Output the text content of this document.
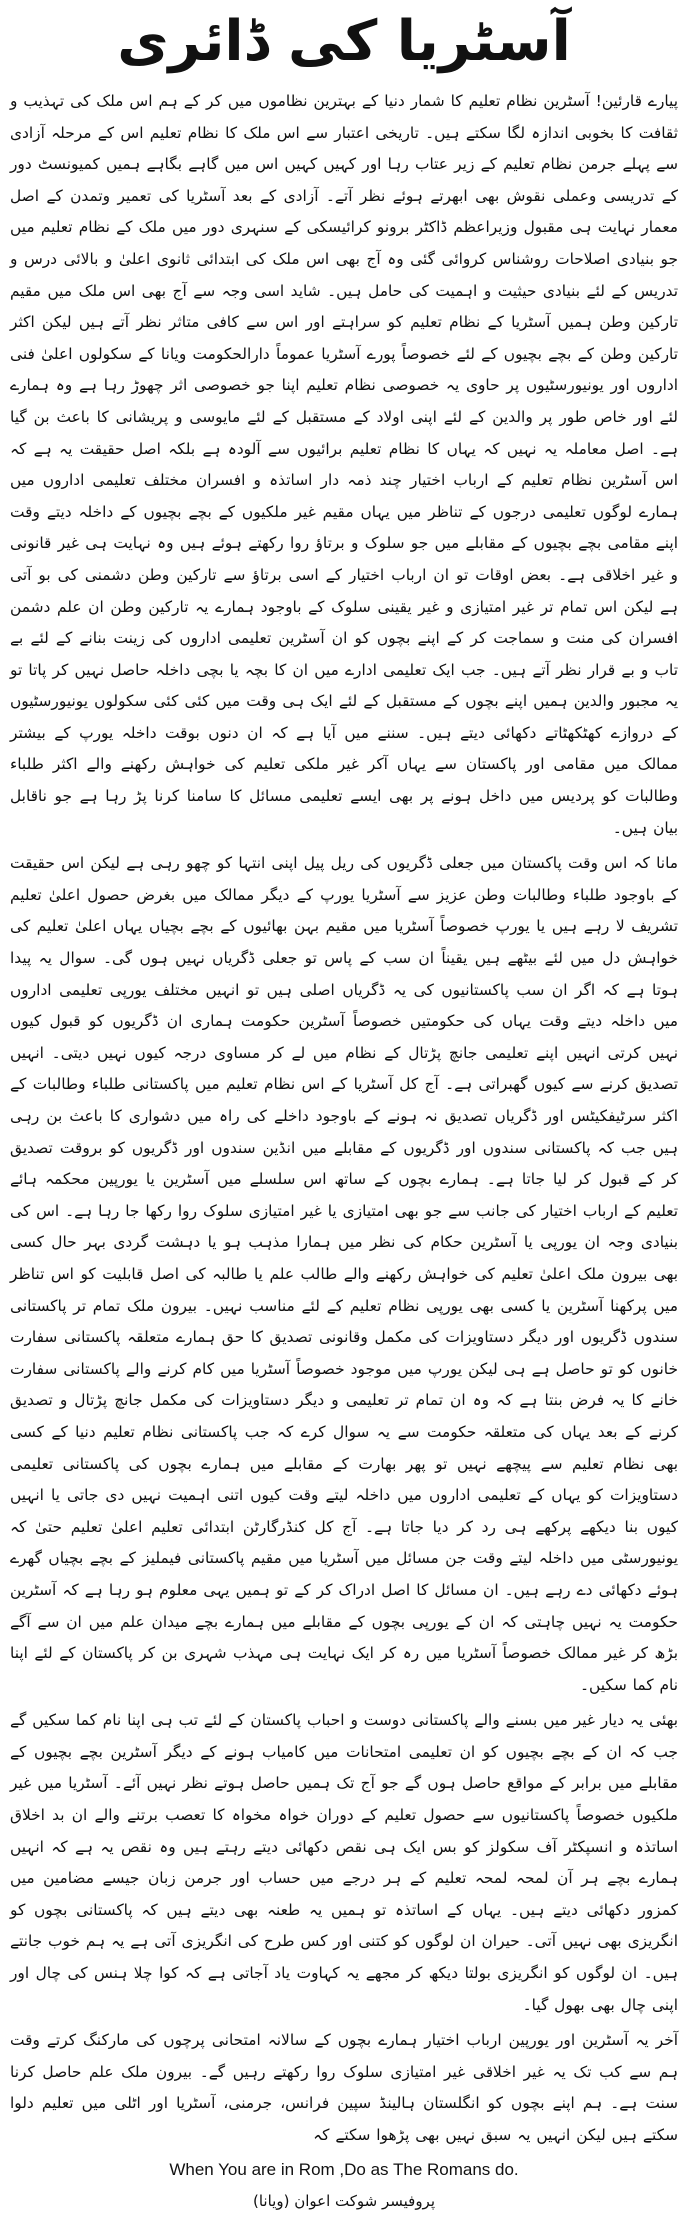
آسٹریا کی ڈائری

پیارے قارئین! آسٹرین نظام تعلیم کا شمار دنیا کے بہترین نظاموں میں کر کے ہم اس ملک کی تہذیب و ثقافت کا بخوبی اندازہ لگا سکتے ہیں۔ تاریخی اعتبار سے اس ملک کا نظام تعلیم اس کے مرحلہ آزادی سے پہلے جرمن نظام تعلیم کے زیر عتاب رہا اور کہیں کہیں اس میں گاہے بگاہے ہمیں کمیونسٹ دور کے تدریسی وعملی نقوش بھی ابھرتے ہوئے نظر آتے۔ آزادی کے بعد آسٹریا کی تعمیر وتمدن کے اصل معمار نہایت ہی مقبول وزیراعظم ڈاکٹر برونو کرائیسکی کے سنہری دور میں ملک کے نظام تعلیم میں جو بنیادی اصلاحات روشناس کروائی گئی وہ آج بھی اس ملک کی ابتدائی ثانوی اعلیٰ و بالائی درس و تدریس کے لئے بنیادی حیثیت و اہمیت کی حامل ہیں۔ شاید اسی وجہ سے آج بھی اس ملک میں مقیم تارکین وطن ہمیں آسٹریا کے نظام تعلیم کو سراہتے اور اس سے کافی متاثر نظر آتے ہیں لیکن اکثر تارکین وطن کے بچے بچیوں کے لئے خصوصاً پورے آسٹریا عموماً دارالحکومت ویانا کے سکولوں اعلیٰ فنی اداروں اور یونیورسٹیوں پر حاوی یہ خصوصی نظام تعلیم اپنا جو خصوصی اثر چھوڑ رہا ہے وہ ہمارے لئے اور خاص طور پر والدین کے لئے اپنی اولاد کے مستقبل کے لئے مایوسی و پریشانی کا باعث بن گیا ہے۔ اصل معاملہ یہ نہیں کہ یہاں کا نظام تعلیم برائیوں سے آلودہ ہے بلکہ اصل حقیقت یہ ہے کہ اس آسٹرین نظام تعلیم کے ارباب اختیار چند ذمہ دار اساتذہ و افسران مختلف تعلیمی اداروں میں ہمارے لوگوں تعلیمی درجوں کے تناظر میں یہاں مقیم غیر ملکیوں کے بچے بچیوں کے داخلہ دیتے وقت اپنے مقامی بچے بچیوں کے مقابلے میں جو سلوک و برتاؤ روا رکھتے ہوئے ہیں وہ نہایت ہی غیر قانونی و غیر اخلاقی ہے۔ بعض اوقات تو ان ارباب اختیار کے اسی برتاؤ سے تارکین وطن دشمنی کی بو آتی ہے لیکن اس تمام تر غیر امتیازی و غیر یقینی سلوک کے باوجود ہمارے یہ تارکین وطن ان علم دشمن افسران کی منت و سماجت کر کے اپنے بچوں کو ان آسٹرین تعلیمی اداروں کی زینت بنانے کے لئے بے تاب و بے قرار نظر آتے ہیں۔ جب ایک تعلیمی ادارے میں ان کا بچہ یا بچی داخلہ حاصل نہیں کر پاتا تو یہ مجبور والدین ہمیں اپنے بچوں کے مستقبل کے لئے ایک ہی وقت میں کئی کئی سکولوں یونیورسٹیوں کے دروازے کھٹکھٹاتے دکھائی دیتے ہیں۔ سننے میں آیا ہے کہ ان دنوں بوقت داخلہ یورپ کے بیشتر ممالک میں مقامی اور پاکستان سے یہاں آکر غیر ملکی تعلیم کی خواہش رکھنے والے اکثر طلباء وطالبات کو پردیس میں داخل ہونے پر بھی ایسے تعلیمی مسائل کا سامنا کرنا پڑ رہا ہے جو ناقابل بیان ہیں۔

مانا کہ اس وقت پاکستان میں جعلی ڈگریوں کی ریل پیل اپنی انتہا کو چھو رہی ہے لیکن اس حقیقت کے باوجود طلباء وطالبات وطن عزیز سے آسٹریا یورپ کے دیگر ممالک میں بغرض حصول اعلیٰ تعلیم تشریف لا رہے ہیں یا یورپ خصوصاً آسٹریا میں مقیم بہن بھائیوں کے بچے بچیاں یہاں اعلیٰ تعلیم کی خواہش دل میں لئے بیٹھے ہیں یقیناً ان سب کے پاس تو جعلی ڈگریاں نہیں ہوں گی۔ سوال یہ پیدا ہوتا ہے کہ اگر ان سب پاکستانیوں کی یہ ڈگریاں اصلی ہیں تو انہیں مختلف یورپی تعلیمی اداروں میں داخلہ دیتے وقت یہاں کی حکومتیں خصوصاً آسٹرین حکومت ہماری ان ڈگریوں کو قبول کیوں نہیں کرتی انہیں اپنے تعلیمی جانچ پڑتال کے نظام میں لے کر مساوی درجہ کیوں نہیں دیتی۔ انہیں تصدیق کرنے سے کیوں گھبراتی ہے۔ آج کل آسٹریا کے اس نظام تعلیم میں پاکستانی طلباء وطالبات کے اکثر سرٹیفکیٹس اور ڈگریاں تصدیق نہ ہونے کے باوجود داخلے کی راہ میں دشواری کا باعث بن رہی ہیں جب کہ پاکستانی سندوں اور ڈگریوں کے مقابلے میں انڈین سندوں اور ڈگریوں کو بروقت تصدیق کر کے قبول کر لیا جاتا ہے۔ ہمارے بچوں کے ساتھ اس سلسلے میں آسٹرین یا یورپین محکمہ ہائے تعلیم کے ارباب اختیار کی جانب سے جو بھی امتیازی یا غیر امتیازی سلوک روا رکھا جا رہا ہے۔ اس کی بنیادی وجہ ان یورپی یا آسٹرین حکام کی نظر میں ہمارا مذہب ہو یا دہشت گردی بہر حال کسی بھی بیرون ملک اعلیٰ تعلیم کی خواہش رکھنے والے طالب علم یا طالبہ کی اصل قابلیت کو اس تناظر میں پرکھنا آسٹرین یا کسی بھی یورپی نظام تعلیم کے لئے مناسب نہیں۔ بیرون ملک تمام تر پاکستانی سندوں ڈگریوں اور دیگر دستاویزات کی مکمل وقانونی تصدیق کا حق ہمارے متعلقہ پاکستانی سفارت خانوں کو تو حاصل ہے ہی لیکن یورپ میں موجود خصوصاً آسٹریا میں کام کرنے والے پاکستانی سفارت خانے کا یہ فرض بنتا ہے کہ وہ ان تمام تر تعلیمی و دیگر دستاویزات کی مکمل جانچ پڑتال و تصدیق کرنے کے بعد یہاں کی متعلقہ حکومت سے یہ سوال کرے کہ جب پاکستانی نظام تعلیم دنیا کے کسی بھی نظام تعلیم سے پیچھے نہیں تو پھر بھارت کے مقابلے میں ہمارے بچوں کی پاکستانی تعلیمی دستاویزات کو یہاں کے تعلیمی اداروں میں داخلہ لیتے وقت کیوں اتنی اہمیت نہیں دی جاتی یا انہیں کیوں بنا دیکھے پرکھے ہی رد کر دیا جاتا ہے۔ آج کل کنڈرگارٹن ابتدائی تعلیم اعلیٰ تعلیم حتیٰ کہ یونیورسٹی میں داخلہ لیتے وقت جن مسائل میں آسٹریا میں مقیم پاکستانی فیملیز کے بچے بچیاں گھرے ہوئے دکھائی دے رہے ہیں۔ ان مسائل کا اصل ادراک کر کے تو ہمیں یہی معلوم ہو رہا ہے کہ آسٹرین حکومت یہ نہیں چاہتی کہ ان کے یورپی بچوں کے مقابلے میں ہمارے بچے میدان علم میں ان سے آگے بڑھ کر غیر ممالک خصوصاً آسٹریا میں رہ کر ایک نہایت ہی مہذب شہری بن کر پاکستان کے لئے اپنا نام کما سکیں۔

بھئی یہ دیار غیر میں بسنے والے پاکستانی دوست و احباب پاکستان کے لئے تب ہی اپنا نام کما سکیں گے جب کہ ان کے بچے بچیوں کو ان تعلیمی امتحانات میں کامیاب ہونے کے دیگر آسٹرین بچے بچیوں کے مقابلے میں برابر کے مواقع حاصل ہوں گے جو آج تک ہمیں حاصل ہوتے نظر نہیں آئے۔ آسٹریا میں غیر ملکیوں خصوصاً پاکستانیوں سے حصول تعلیم کے دوران خواہ مخواہ کا تعصب برتنے والے ان بد اخلاق اساتذہ و انسپکٹر آف سکولز کو بس ایک ہی نقص دکھائی دیتے رہتے ہیں وہ نقص یہ ہے کہ انہیں ہمارے بچے ہر آن لمحہ لمحہ تعلیم کے ہر درجے میں حساب اور جرمن زبان جیسے مضامین میں کمزور دکھائی دیتے ہیں۔ یہاں کے اساتذہ تو ہمیں یہ طعنہ بھی دیتے ہیں کہ پاکستانی بچوں کو انگریزی بھی نہیں آتی۔ حیران ان لوگوں کو کتنی اور کس طرح کی انگریزی آتی ہے یہ ہم خوب جانتے ہیں۔ ان لوگوں کو انگریزی بولتا دیکھ کر مجھے یہ کہاوت یاد آجاتی ہے کہ کوا چلا ہنس کی چال اور اپنی چال بھی بھول گیا۔

آخر یہ آسٹرین اور یورپین ارباب اختیار ہمارے بچوں کے سالانہ امتحانی پرچوں کی مارکنگ کرتے وقت ہم سے کب تک یہ غیر اخلاقی غیر امتیازی سلوک روا رکھتے رہیں گے۔ بیرون ملک علم حاصل کرنا سنت ہے۔ ہم اپنے بچوں کو انگلستان ہالینڈ سپین فرانس، جرمنی، آسٹریا اور اٹلی میں تعلیم دلوا سکتے ہیں لیکن انہیں یہ سبق نہیں بھی پڑھوا سکتے کہ

When You are in Rom ,Do as The Romans do.

پروفیسر شوکت اعوان (ویانا)
